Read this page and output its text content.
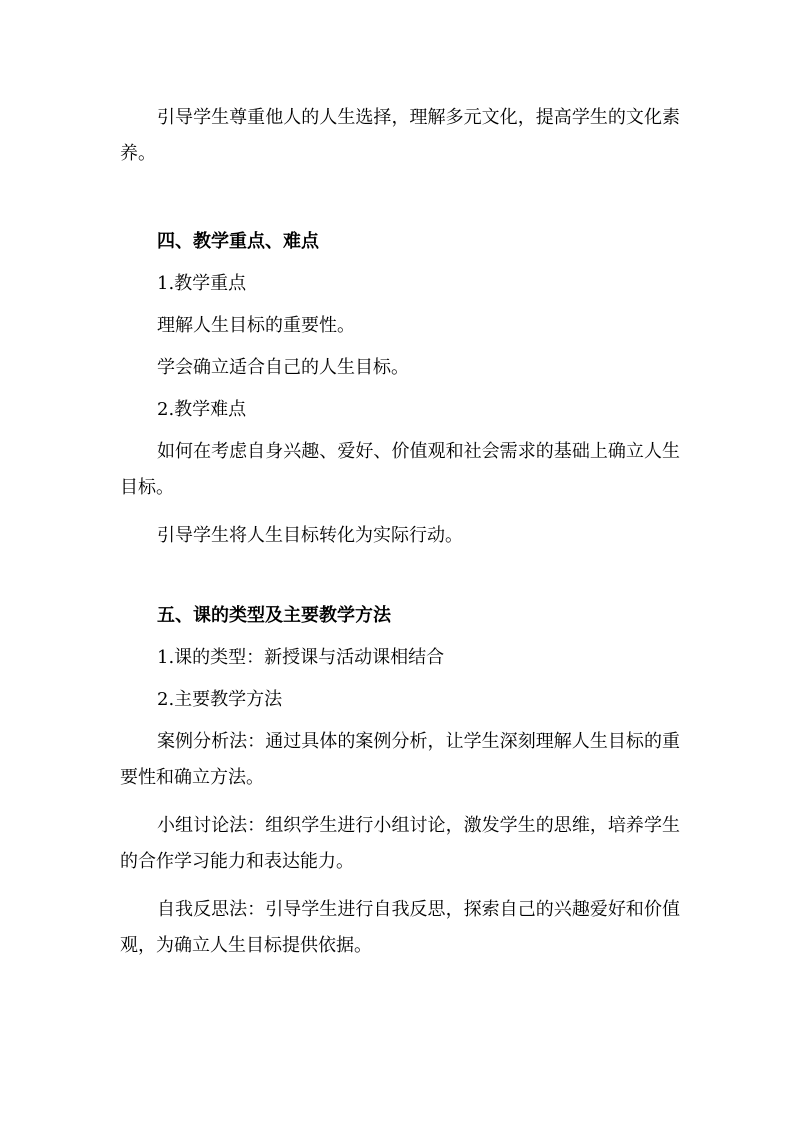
引导学生尊重他人的人生选择，理解多元文化，提高学生的文化素养。

四、教学重点、难点

1.教学重点

理解人生目标的重要性。

学会确立适合自己的人生目标。

2.教学难点

如何在考虑自身兴趣、爱好、价值观和社会需求的基础上确立人生目标。

引导学生将人生目标转化为实际行动。

五、课的类型及主要教学方法

1.课的类型：新授课与活动课相结合

2.主要教学方法

案例分析法：通过具体的案例分析，让学生深刻理解人生目标的重要性和确立方法。

小组讨论法：组织学生进行小组讨论，激发学生的思维，培养学生的合作学习能力和表达能力。

自我反思法：引导学生进行自我反思，探索自己的兴趣爱好和价值观，为确立人生目标提供依据。
